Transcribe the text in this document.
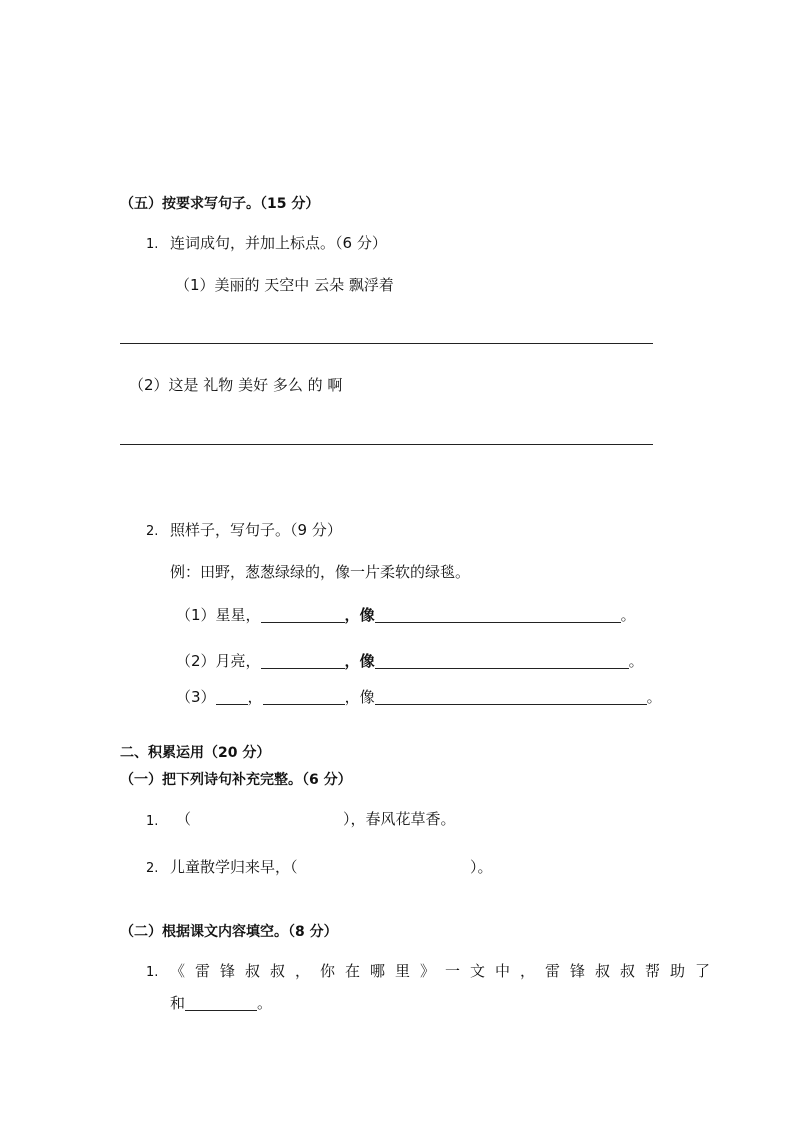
（五）按要求写句子。（15 分）
1. 连词成句，并加上标点。（6 分）
（1）美丽的 天空中 云朵 飘浮着
（2）这是 礼物 美好 多么 的 啊
2. 照样子，写句子。（9 分）
例：田野，葱葱绿绿的，像一片柔软的绿毯。
（1）星星，	，像	。
（2）月亮，	，像	。
（3） ，	，像	。
二、积累运用（20 分）
（一）把下列诗句补充完整。（6 分）
1. （	），春风花草香。
2. 儿童散学归来早，（	）。
（二）根据课文内容填空。（8 分）
1. 《雷锋叔叔，你在哪里》一文中，雷锋叔叔帮助了
和	。
